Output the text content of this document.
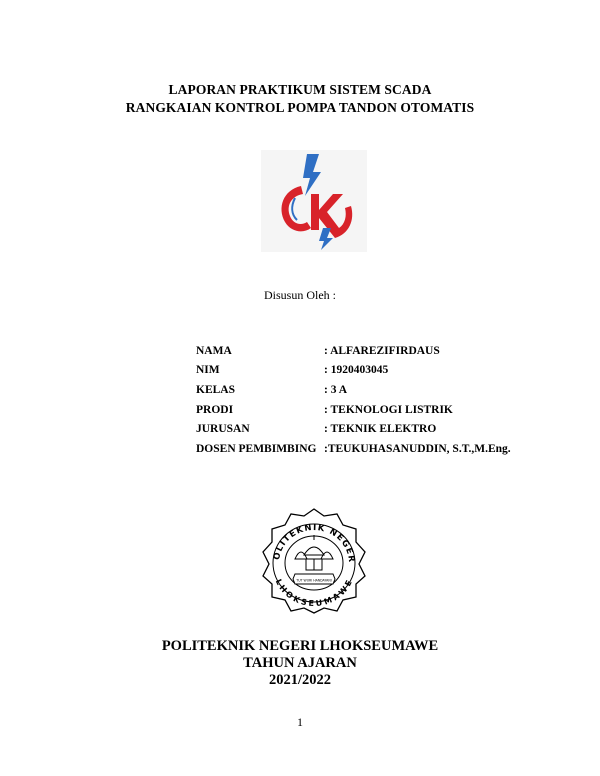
LAPORAN PRAKTIKUM SISTEM SCADA
RANGKAIAN KONTROL POMPA TANDON OTOMATIS
Disusun Oleh :
NAMA	: ALFAREZIFIRDAUS
NIM	: 1920403045
KELAS	: 3 A
PRODI	: TEKNOLOGI LISTRIK
JURUSAN	: TEKNIK ELEKTRO
DOSEN PEMBIMBING	:TEUKUHASANUDDIN, S.T.,M.Eng.
OLITEKNIK NEGER
LHOKSEUMAWE
TUT WURI HANDAYANI
POLITEKNIK NEGERI LHOKSEUMAWE
TAHUN AJARAN
2021/2022
1
